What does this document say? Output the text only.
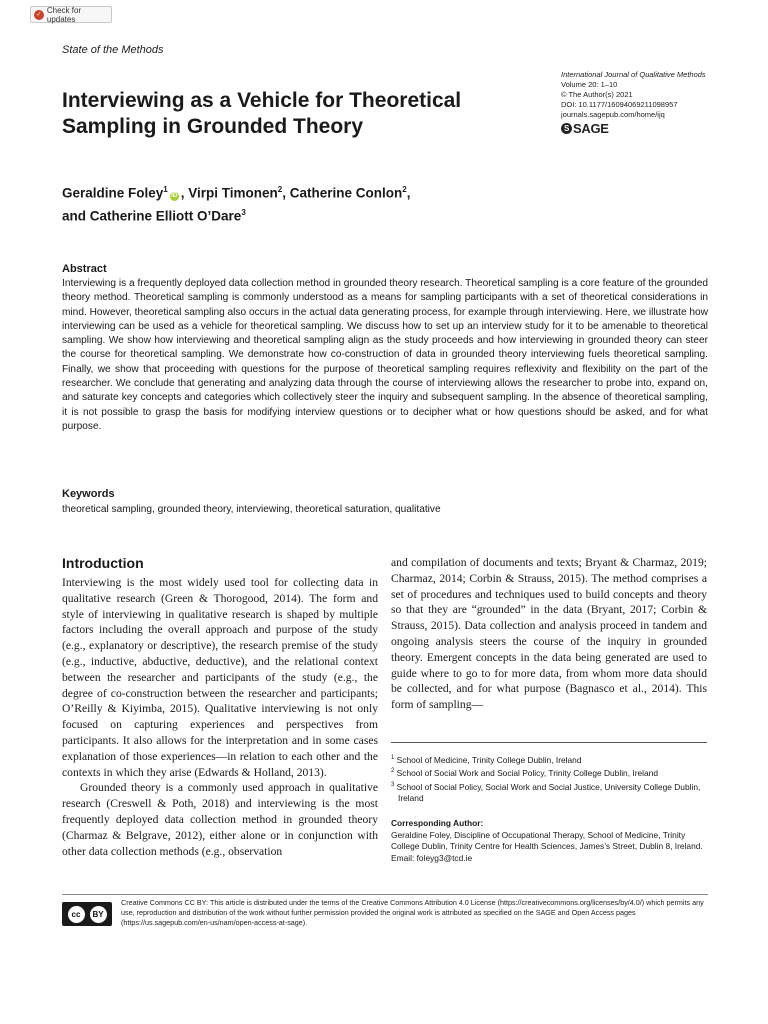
✓
Check for updates
State of the Methods
International Journal of Qualitative Methods
Volume 20: 1–10
© The Author(s) 2021
DOI: 10.1177/16094069211098957
journals.sagepub.com/home/ijq
S SAGE
Interviewing as a Vehicle for Theoretical Sampling in Grounded Theory
Geraldine Foley$^1$iD , Virpi Timonen$^2$, Catherine Conlon$^2$,
and Catherine Elliott O’Dare$^3$
Abstract
Interviewing is a frequently deployed data collection method in grounded theory research. Theoretical sampling is a core feature of the grounded theory method. Theoretical sampling is commonly understood as a means for sampling participants with a set of theoretical considerations in mind. However, theoretical sampling also occurs in the actual data generating process, for example through interviewing. Here, we illustrate how interviewing can be used as a vehicle for theoretical sampling. We discuss how to set up an interview study for it to be amenable to theoretical sampling. We show how interviewing and theoretical sampling align as the study proceeds and how interviewing in grounded theory can steer the course for theoretical sampling. We demonstrate how co-construction of data in grounded theory interviewing fuels theoretical sampling. Finally, we show that proceeding with questions for the purpose of theoretical sampling requires reflexivity and flexibility on the part of the researcher. We conclude that generating and analyzing data through the course of interviewing allows the researcher to probe into, expand on, and saturate key concepts and categories which collectively steer the inquiry and subsequent sampling. In the absence of theoretical sampling, it is not possible to grasp the basis for modifying interview questions or to decipher what or how questions should be asked, and for what purpose.
Keywords
theoretical sampling, grounded theory, interviewing, theoretical saturation, qualitative
Introduction

Interviewing is the most widely used tool for collecting data in qualitative research (Green & Thorogood, 2014). The form and style of interviewing in qualitative research is shaped by multiple factors including the overall approach and purpose of the study (e.g., explanatory or descriptive), the research premise of the study (e.g., inductive, abductive, deductive), and the relational context between the researcher and participants of the study (e.g., the degree of co-construction between the researcher and participants; O’Reilly & Kiyimba, 2015). Qualitative interviewing is not only focused on capturing experiences and perspectives from participants. It also allows for the interpretation and in some cases explanation of those experiences—in relation to each other and the contexts in which they arise (Edwards & Holland, 2013).

Grounded theory is a commonly used approach in qualitative research (Creswell & Poth, 2018) and interviewing is the most frequently deployed data collection method in grounded theory (Charmaz & Belgrave, 2012), either alone or in conjunction with other data collection methods (e.g., observation

and compilation of documents and texts; Bryant & Charmaz, 2019; Charmaz, 2014; Corbin & Strauss, 2015). The method comprises a set of procedures and techniques used to build concepts and theory so that they are “grounded” in the data (Bryant, 2017; Corbin & Strauss, 2015). Data collection and analysis proceed in tandem and ongoing analysis steers the course of the inquiry in grounded theory. Emergent concepts in the data being generated are used to guide where to go to for more data, from whom more data should be collected, and for what purpose (Bagnasco et al., 2014). This form of sampling—

$^1$ School of Medicine, Trinity College Dublin, Ireland
$^2$ School of Social Work and Social Policy, Trinity College Dublin, Ireland
$^3$ School of Social Policy, Social Work and Social Justice, University College Dublin, Ireland
Corresponding Author:
Geraldine Foley, Discipline of Occupational Therapy, School of Medicine, Trinity College Dublin, Trinity Centre for Health Sciences, James’s Street, Dublin 8, Ireland.
Email: foleyg3@tcd.ie
cc	BY
Creative Commons CC BY: This article is distributed under the terms of the Creative Commons Attribution 4.0 License (https://creativecommons.org/licenses/by/4.0/) which permits any use, reproduction and distribution of the work without further permission provided the original work is attributed as specified on the SAGE and Open Access pages (https://us.sagepub.com/en-us/nam/open-access-at-sage).
